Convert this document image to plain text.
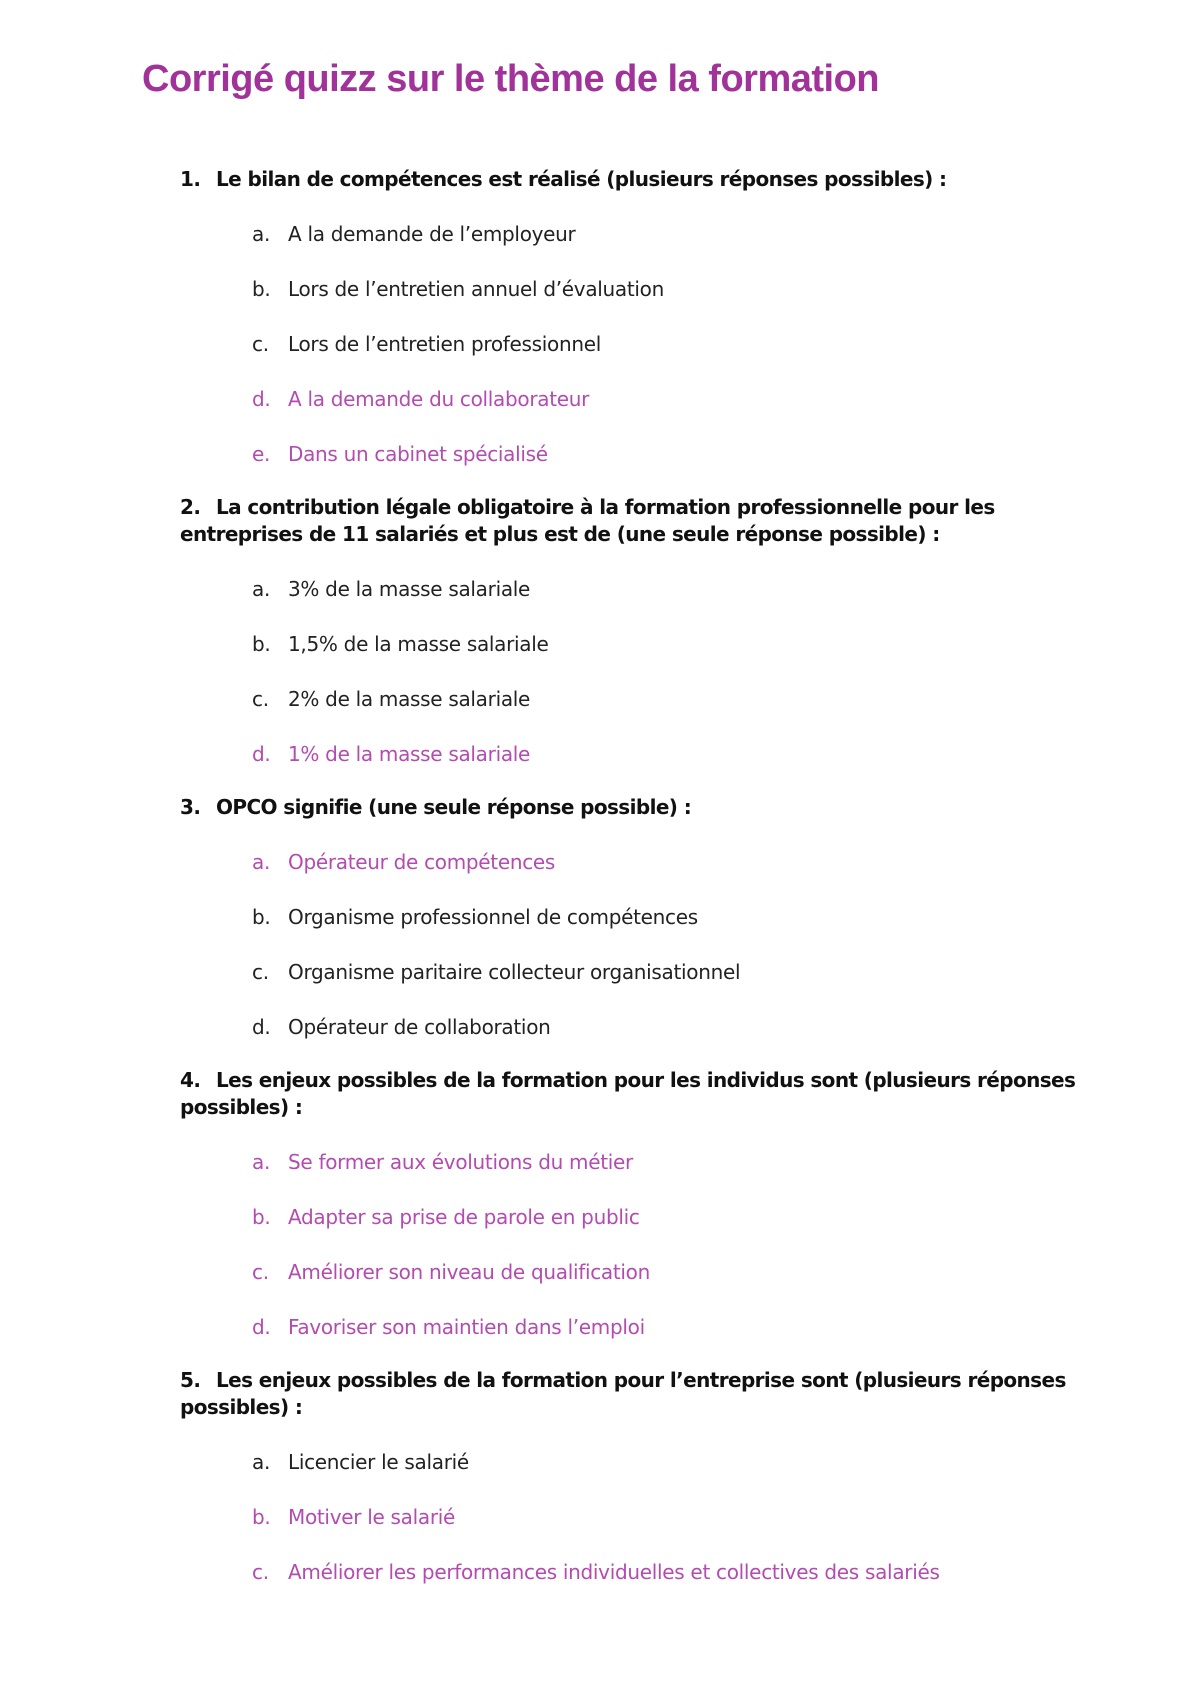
Corrigé quizz sur le thème de la formation

1. Le bilan de compétences est réalisé (plusieurs réponses possibles) :

a. A la demande de l’employeur
b. Lors de l’entretien annuel d’évaluation
c. Lors de l’entretien professionnel
d. A la demande du collaborateur
e. Dans un cabinet spécialisé

2. La contribution légale obligatoire à la formation professionnelle pour les entreprises de 11 salariés et plus est de (une seule réponse possible) :

a. 3% de la masse salariale
b. 1,5% de la masse salariale
c. 2% de la masse salariale
d. 1% de la masse salariale

3. OPCO signifie (une seule réponse possible) :

a. Opérateur de compétences
b. Organisme professionnel de compétences
c. Organisme paritaire collecteur organisationnel
d. Opérateur de collaboration

4. Les enjeux possibles de la formation pour les individus sont (plusieurs réponses possibles) :

a. Se former aux évolutions du métier
b. Adapter sa prise de parole en public
c. Améliorer son niveau de qualification
d. Favoriser son maintien dans l’emploi

5. Les enjeux possibles de la formation pour l’entreprise sont (plusieurs réponses possibles) :

a. Licencier le salarié
b. Motiver le salarié
c. Améliorer les performances individuelles et collectives des salariés
